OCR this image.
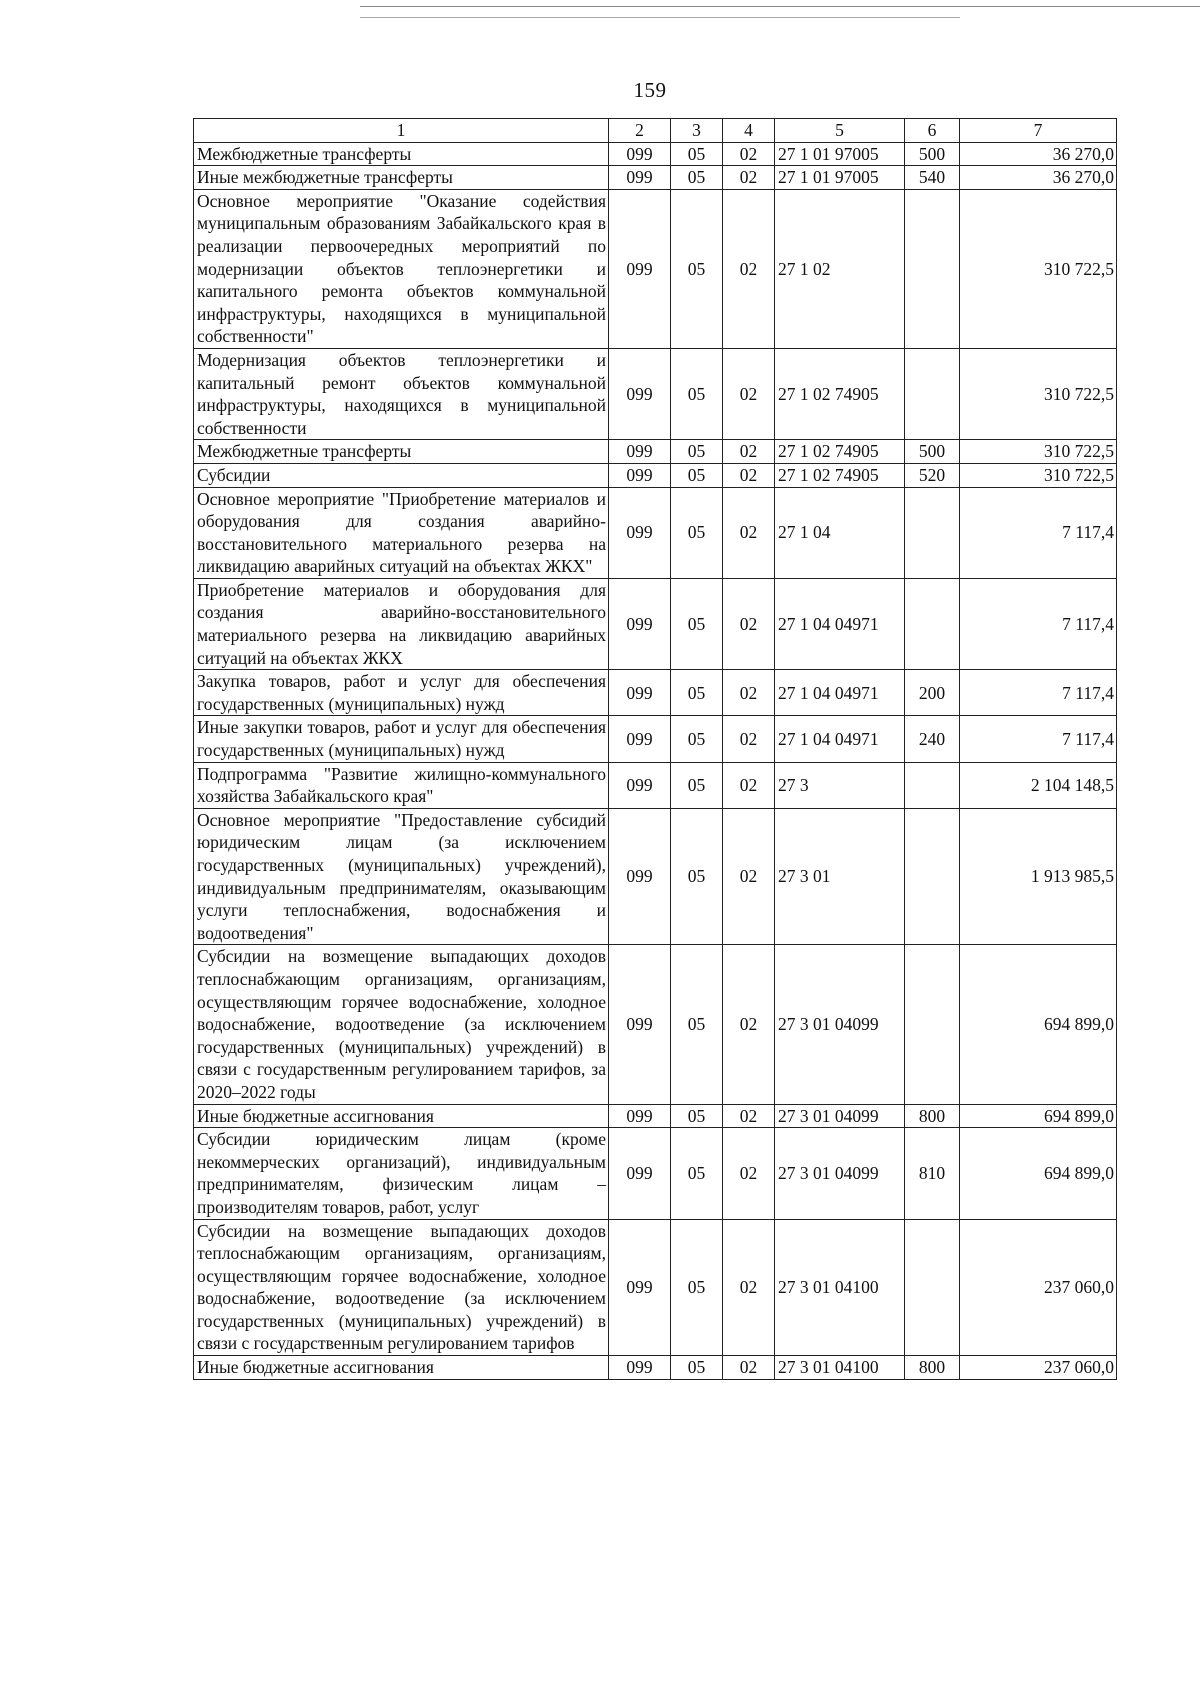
159
1	2	3	4	5	6	7
Межбюджетные трансферты	099	05	02	27 1 01 97005	500	36 270,0
Иные межбюджетные трансферты	099	05	02	27 1 01 97005	540	36 270,0
Основное мероприятие "Оказание содействия муниципальным образованиям Забайкальского края в реализации первоочередных мероприятий по модернизации объектов теплоэнергетики и капитального ремонта объектов коммунальной инфраструктуры, находящихся в муниципальной собственности"	099	05	02	27 1 02		310 722,5
Модернизация объектов теплоэнергетики и капитальный ремонт объектов коммунальной инфраструктуры, находящихся в муниципальной собственности	099	05	02	27 1 02 74905		310 722,5
Межбюджетные трансферты	099	05	02	27 1 02 74905	500	310 722,5
Субсидии	099	05	02	27 1 02 74905	520	310 722,5
Основное мероприятие "Приобретение материалов и оборудования для создания аварийно-восстановительного материального резерва на ликвидацию аварийных ситуаций на объектах ЖКХ"	099	05	02	27 1 04		7 117,4
Приобретение материалов и оборудования для создания аварийно-восстановительного материального резерва на ликвидацию аварийных ситуаций на объектах ЖКХ	099	05	02	27 1 04 04971		7 117,4
Закупка товаров, работ и услуг для обеспечения государственных (муниципальных) нужд	099	05	02	27 1 04 04971	200	7 117,4
Иные закупки товаров, работ и услуг для обеспечения государственных (муниципальных) нужд	099	05	02	27 1 04 04971	240	7 117,4
Подпрограмма "Развитие жилищно-коммунального хозяйства Забайкальского края"	099	05	02	27 3		2 104 148,5
Основное мероприятие "Предоставление субсидий юридическим лицам (за исключением государственных (муниципальных) учреждений), индивидуальным предпринимателям, оказывающим услуги теплоснабжения, водоснабжения и водоотведения"	099	05	02	27 3 01		1 913 985,5
Субсидии на возмещение выпадающих доходов теплоснабжающим организациям, организациям, осуществляющим горячее водоснабжение, холодное водоснабжение, водоотведение (за исключением государственных (муниципальных) учреждений) в связи с государственным регулированием тарифов, за 2020–2022 годы	099	05	02	27 3 01 04099		694 899,0
Иные бюджетные ассигнования	099	05	02	27 3 01 04099	800	694 899,0
Субсидии юридическим лицам (кроме некоммерческих организаций), индивидуальным предпринимателям, физическим лицам – производителям товаров, работ, услуг	099	05	02	27 3 01 04099	810	694 899,0
Субсидии на возмещение выпадающих доходов теплоснабжающим организациям, организациям, осуществляющим горячее водоснабжение, холодное водоснабжение, водоотведение (за исключением государственных (муниципальных) учреждений) в связи с государственным регулированием тарифов	099	05	02	27 3 01 04100		237 060,0
Иные бюджетные ассигнования	099	05	02	27 3 01 04100	800	237 060,0
